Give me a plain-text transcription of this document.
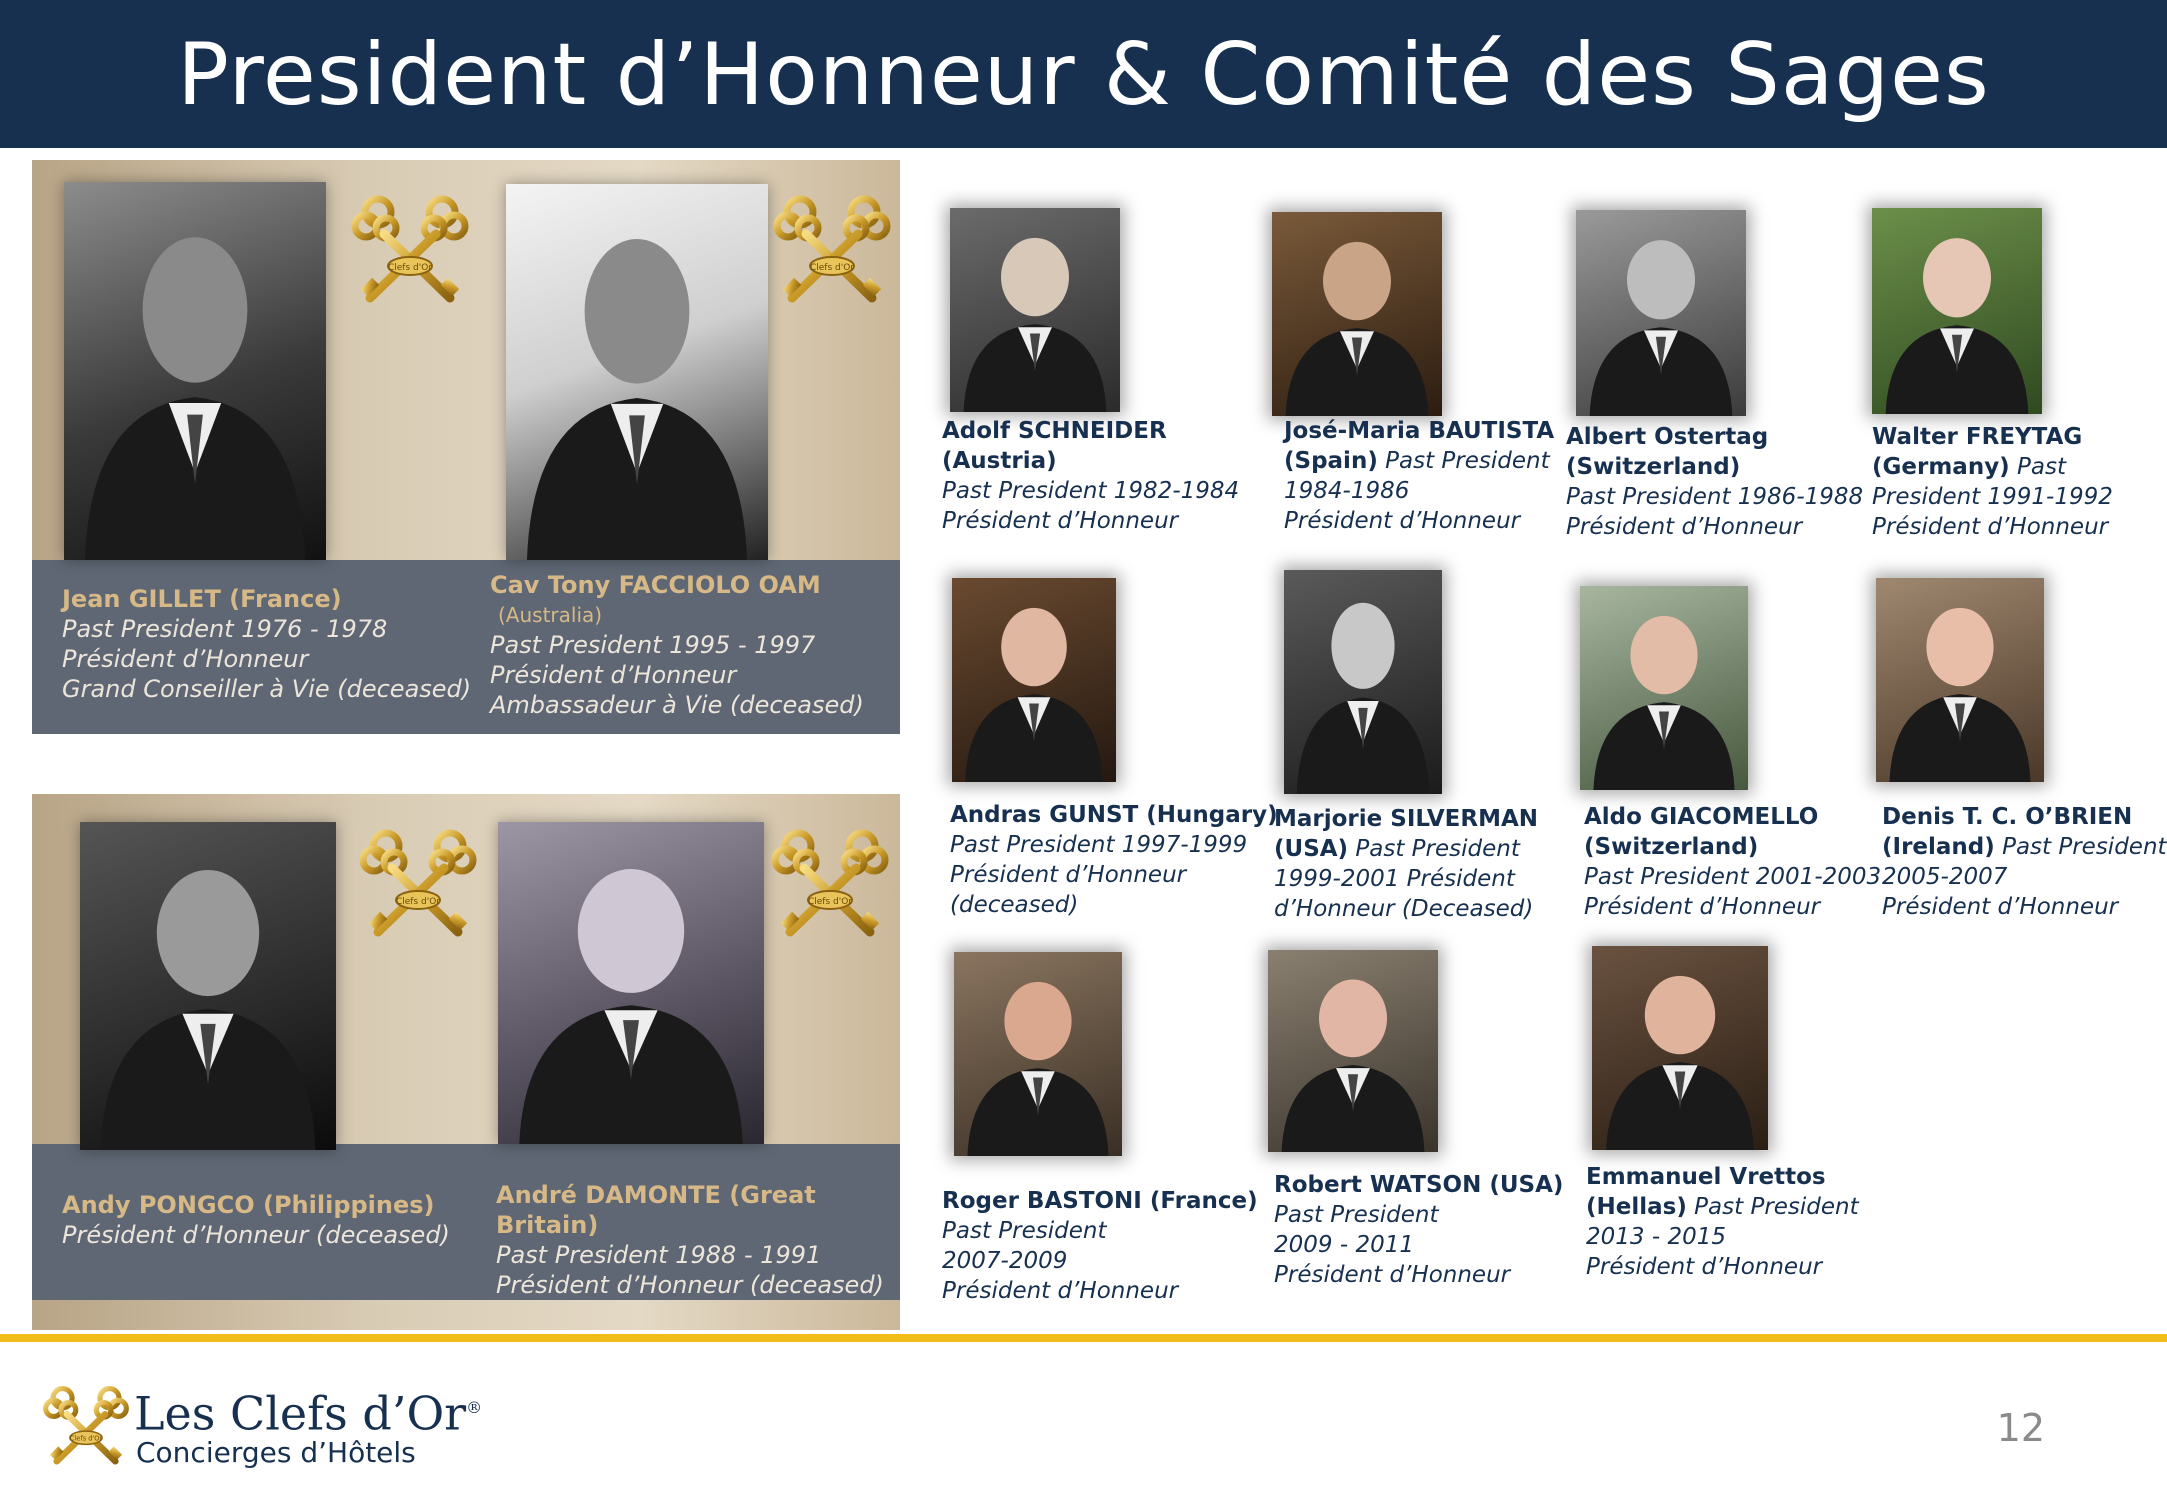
President d’Honneur & Comité des Sages
Jean GILLET (France)
Past President 1976 - 1978
Président d’Honneur
Grand Conseiller à Vie (deceased)
Cav Tony FACCIOLO OAM
(Australia)
Past President 1995 - 1997
Président d’Honneur
Ambassadeur à Vie (deceased)
Andy PONGCO (Philippines)
Président d’Honneur (deceased)
André DAMONTE (Great Britain)
Past President 1988 - 1991
Président d’Honneur (deceased)
Adolf SCHNEIDER
(Austria)
Past President 1982-1984
Président d’Honneur
José-Maria BAUTISTA
(Spain) Past President
1984-1986
Président d’Honneur
Albert Ostertag
(Switzerland)
Past President 1986-1988
Président d’Honneur
Walter FREYTAG
(Germany) Past
President 1991-1992
Président d’Honneur
Andras GUNST (Hungary)
Past President 1997-1999
Président d’Honneur
(deceased)
Marjorie SILVERMAN
(USA) Past President
1999-2001 Président
d’Honneur (Deceased)
Aldo GIACOMELLO
(Switzerland)
Past President 2001-2003
Président d’Honneur
Denis T. C. O’BRIEN
(Ireland) Past President
2005-2007
Président d’Honneur
Roger BASTONI (France)
Past President
2007-2009
Président d’Honneur
Robert WATSON (USA)
Past President
2009 - 2011
Président d’Honneur
Emmanuel Vrettos
(Hellas) Past President
2013 - 2015
Président d’Honneur
Les Clefs d’Or®
Concierges d’Hôtels
12
